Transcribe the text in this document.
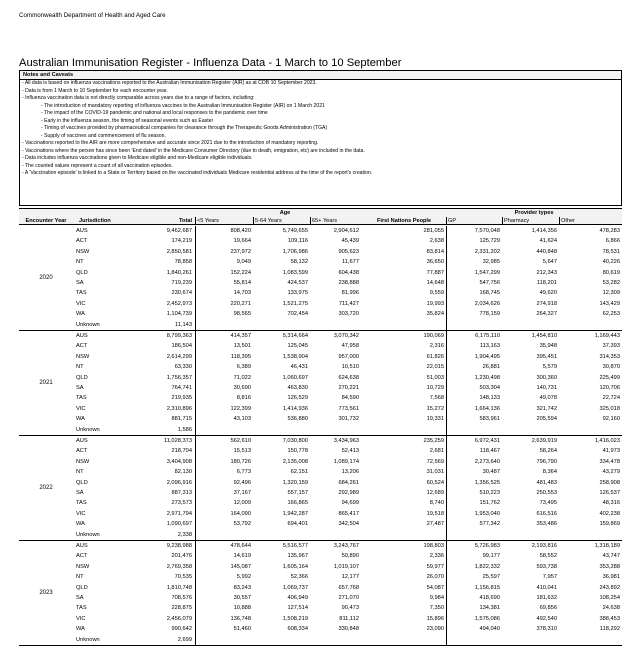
Commonwealth Department of Health and Aged Care
Australian Immunisation Register - Influenza Data - 1 March to 10 September
Notes and Caveats
- All data is based on influenza vaccinations reported to the Australian Immunisation Register (AIR) as at COB 10 September 2023.
- Data is from 1 March to 10 September for each encounter year.
- Influenza vaccination data is not directly comparable across years due to a range of factors, including:
- The introduction of mandatory reporting of influenza vaccines to the Australian Immunisation Register (AIR) on 1 March 2021
- The impact of the COVID-19 pandemic and national and local responses to the pandemic over time
- Early in the influenza season, the timing of seasonal events such as Easter
- Timing of vaccines provided by pharmaceutical companies for clearance through the Therapeutic Goods Administration (TGA)
- Supply of vaccines and commencement of flu season.
- Vaccinations reported to the AIR are more comprehensive and accurate since 2021 due to the introduction of mandatory reporting.
- Vaccinations where the person has since been 'End dated' in the Medicare Consumer Directory (due to death, emigration, etc) are included in the data.
- Data includes influenza vaccinations given to Medicare eligible and non-Medicare eligible individuals.
- The counted values represent a count of all vaccination episodes.
- A 'Vaccination episode' is linked to a State or Territory based on the vaccinated individuals Medicare residential address at the time of the report's creation.
Encounter Year	Jurisdiction	Total
Age
<5 Years	5-64 Years	65+ Years	First Nations People
Provider types
GP	Pharmacy	Other
2020
AUS	9,462,687	808,420	5,749,655	2,904,612	281,055	7,570,048	1,414,356	478,283
ACT	174,219	19,664	109,116	45,439	2,638	125,729	41,624	6,866
NSW	2,850,581	237,972	1,706,986	905,623	83,814	2,331,202	440,848	78,531
NT	78,858	9,049	58,132	11,677	36,650	32,985	5,647	40,226
QLD	1,840,261	152,224	1,083,599	604,438	77,887	1,547,299	212,343	80,619
SA	719,239	55,814	424,537	238,888	14,648	547,756	118,201	53,282
TAS	230,674	14,703	133,975	81,996	9,559	168,745	49,620	12,309
VIC	2,452,973	220,271	1,521,275	711,427	19,993	2,034,626	274,918	143,429
WA	1,104,739	98,565	702,454	303,720	35,824	778,159	264,327	62,253
Unknown	11,143
2021
AUS	8,799,363	414,357	5,314,664	3,070,342	190,069	6,175,110	1,454,810	1,169,443
ACT	186,504	13,501	125,045	47,958	2,316	113,163	35,948	37,393
NSW	2,614,299	118,395	1,538,904	957,000	61,826	1,904,495	395,451	314,353
NT	63,330	6,389	46,431	10,510	22,015	26,881	5,579	30,870
QLD	1,756,357	71,022	1,060,697	624,638	51,003	1,230,498	300,360	225,499
SA	764,741	30,690	463,830	270,221	10,729	503,304	140,731	120,706
TAS	219,935	8,816	126,529	84,590	7,568	148,133	49,078	22,724
VIC	2,310,896	122,399	1,414,936	773,561	15,272	1,664,136	321,742	325,018
WA	881,715	43,103	536,880	301,732	19,331	583,961	205,594	92,160
Unknown	1,586
2022
AUS	11,028,373	562,610	7,030,800	3,434,963	235,259	6,972,431	2,639,919	1,416,023
ACT	218,704	15,513	150,778	52,413	2,681	118,467	58,264	41,973
NSW	3,404,908	180,726	2,135,008	1,089,174	72,569	2,273,640	796,790	334,478
NT	82,130	6,773	62,151	13,206	31,031	30,487	8,364	43,279
QLD	2,096,916	92,496	1,320,159	684,261	60,524	1,356,525	481,483	258,908
SA	887,313	37,167	557,157	292,989	12,689	510,223	250,553	126,537
TAS	273,573	12,009	166,865	94,699	8,740	151,762	73,495	48,316
VIC	2,971,794	164,090	1,942,287	865,417	19,518	1,953,040	616,516	402,238
WA	1,090,697	53,792	694,401	342,504	27,487	577,342	353,486	159,869
Unknown	2,338
2023
AUS	9,238,988	478,644	5,516,577	3,243,767	198,803	5,726,983	2,193,816	1,318,189
ACT	201,476	14,619	135,967	50,890	2,336	99,177	58,552	43,747
NSW	2,769,358	145,087	1,605,164	1,019,107	59,977	1,822,332	593,738	353,288
NT	70,535	5,992	52,366	12,177	26,070	25,597	7,957	36,981
QLD	1,810,748	83,243	1,069,737	657,768	54,087	1,156,815	410,041	243,892
SA	708,576	30,557	406,949	271,070	9,984	418,690	181,632	108,254
TAS	228,875	10,888	127,514	90,473	7,350	134,381	69,856	24,638
VIC	2,456,079	136,748	1,508,219	811,112	15,896	1,575,086	492,540	388,453
WA	990,642	51,460	608,334	330,848	23,090	494,040	378,310	118,292
Unknown	2,699
